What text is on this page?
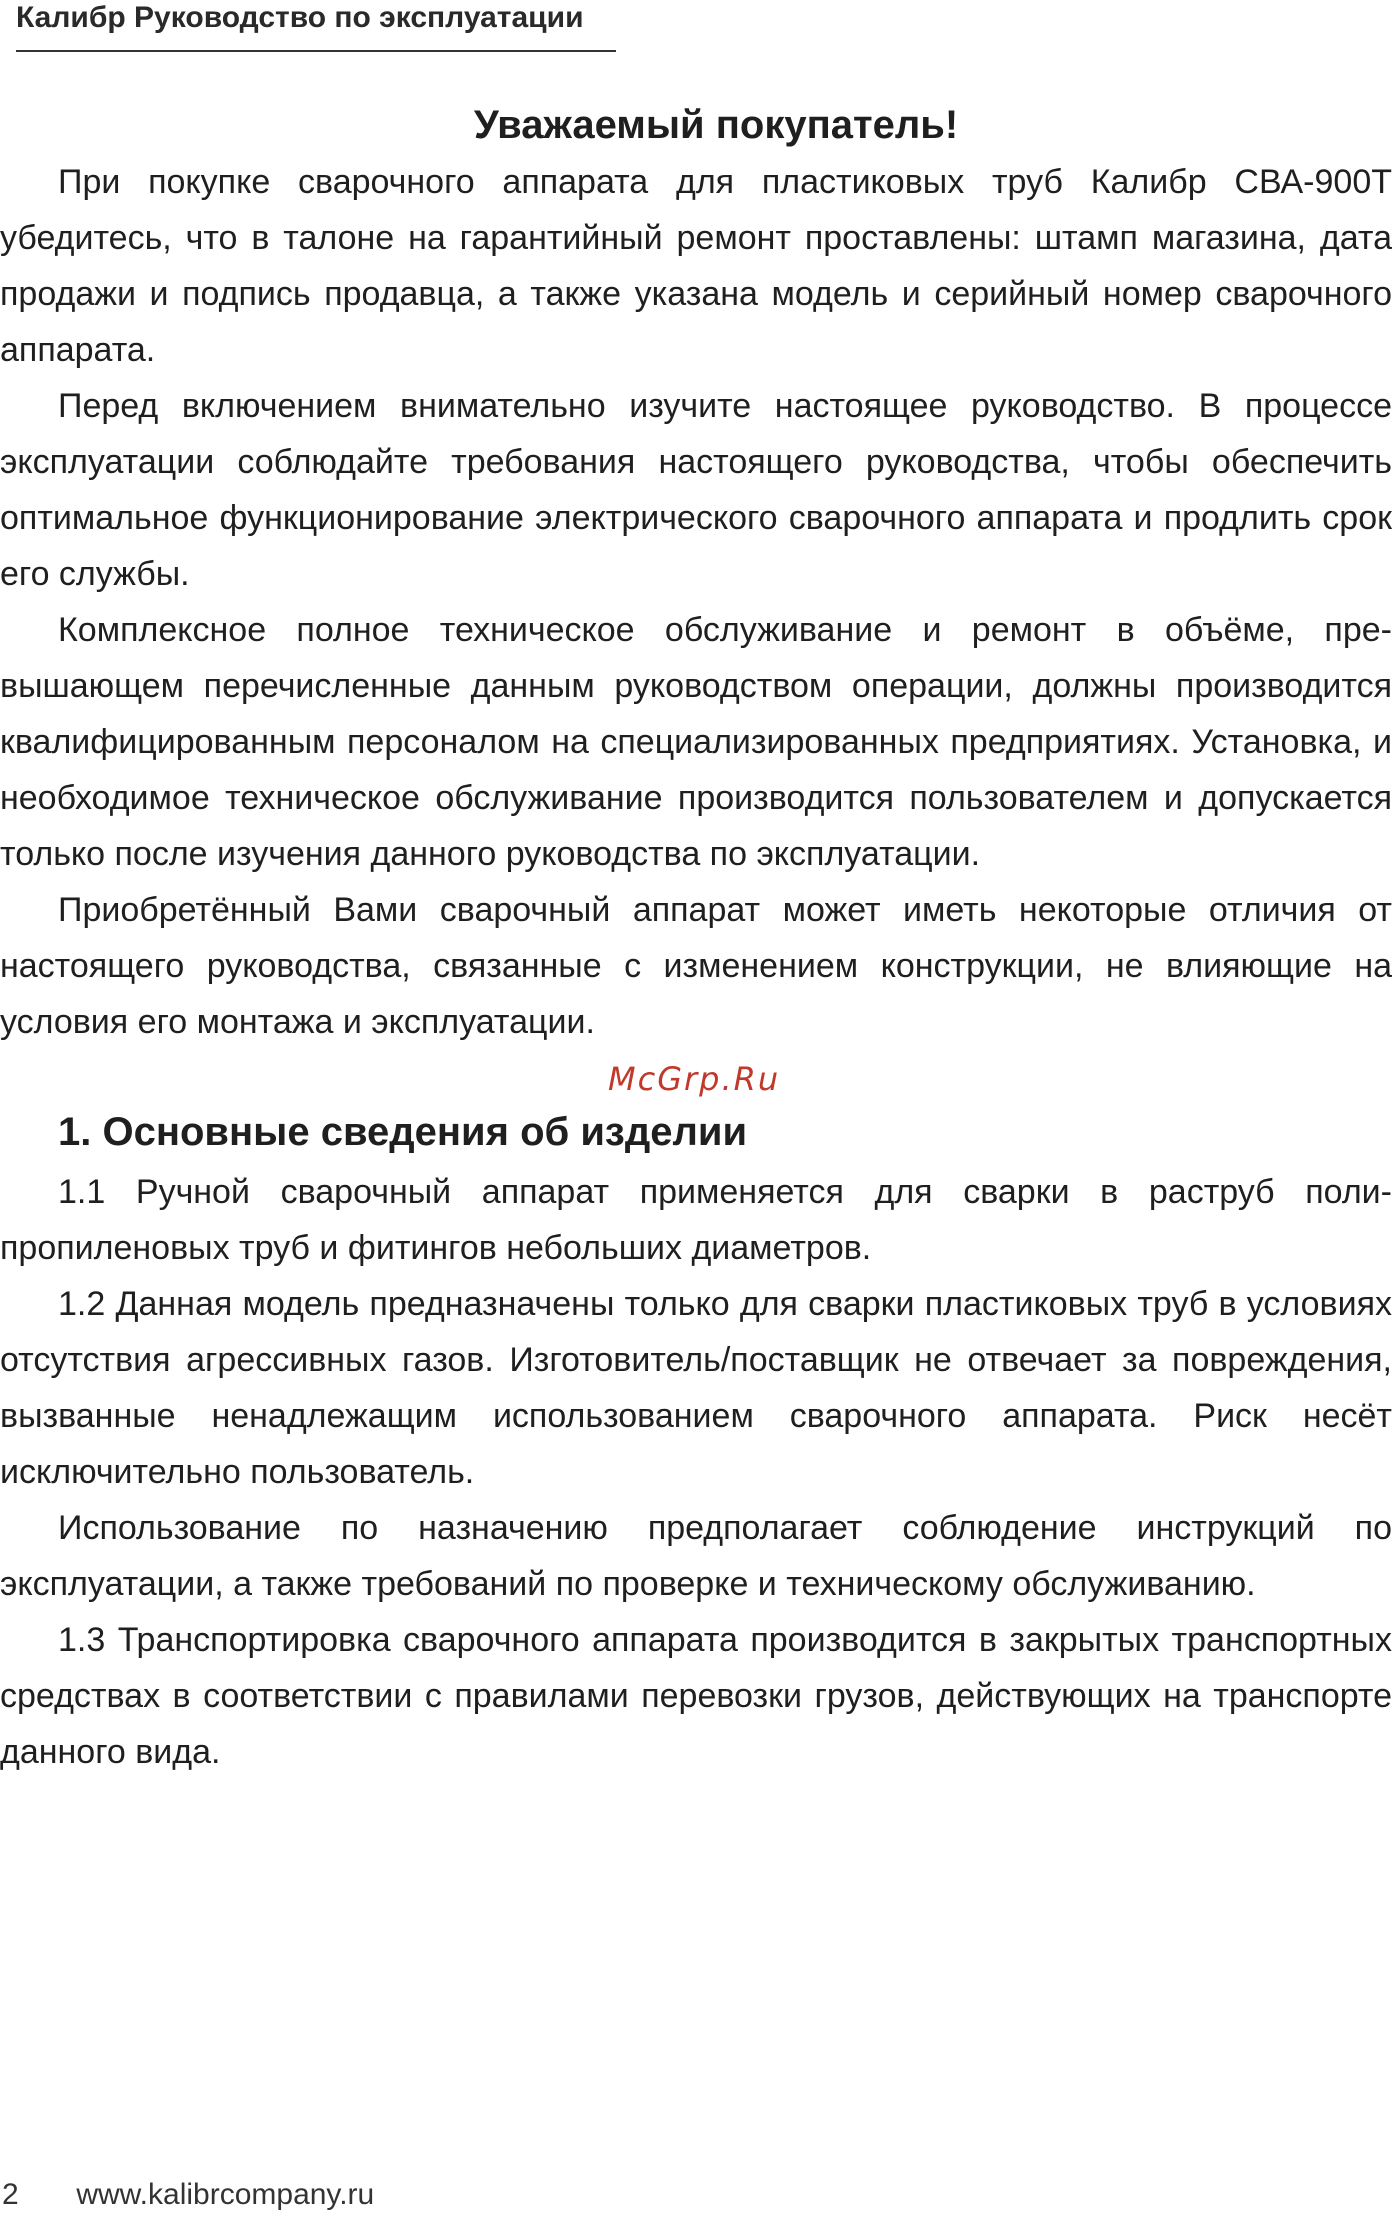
Калибр Руководство по эксплуатации
Уважаемый покупатель!

При покупке сварочного аппарата для пластиковых труб Калибр СВА-900Т убедитесь, что в талоне на гарантийный ремонт проставлены: штамп магазина, дата продажи и подпись продавца, а также указана модель и серийный номер сварочного аппарата.

Перед включением внимательно изучите настоящее руководство. В процессе эксплуатации соблюдайте требования настоящего руководства, чтобы обеспечить оптимальное функционирование электрического сварочного аппарата и продлить срок его службы.

Комплексное полное техническое обслуживание и ремонт в объёме, превышающем перечисленные данным руководством операции, должны производится квалифицированным персоналом на специализированных предприятиях. Установка, и необходимое техническое обслуживание производится пользователем и допускается только после изучения данного руководства по эксплуатации.

Приобретённый Вами сварочный аппарат может иметь некоторые отличия от настоящего руководства, связанные с изменением конструкции, не влияющие на условия его монтажа и эксплуатации.

1. Основные сведения об изделии

1.1 Ручной сварочный аппарат применяется для сварки в раструб полипропиленовых труб и фитингов небольших диаметров.

1.2 Данная модель предназначены только для сварки пластиковых труб в условиях отсутствия агрессивных газов. Изготовитель/поставщик не отвечает за повреждения, вызванные ненадлежащим использованием сварочного аппарата. Риск несёт исключительно пользователь.

Использование по назначению предполагает соблюдение инструкций по эксплуатации, а также требований по проверке и техническому обслуживанию.

1.3 Транспортировка сварочного аппарата производится в закрытых транспортных средствах в соответствии с правилами перевозки грузов, действующих на транспорте данного вида.

McGrp.Ru
2 www.kalibrcompany.ru
